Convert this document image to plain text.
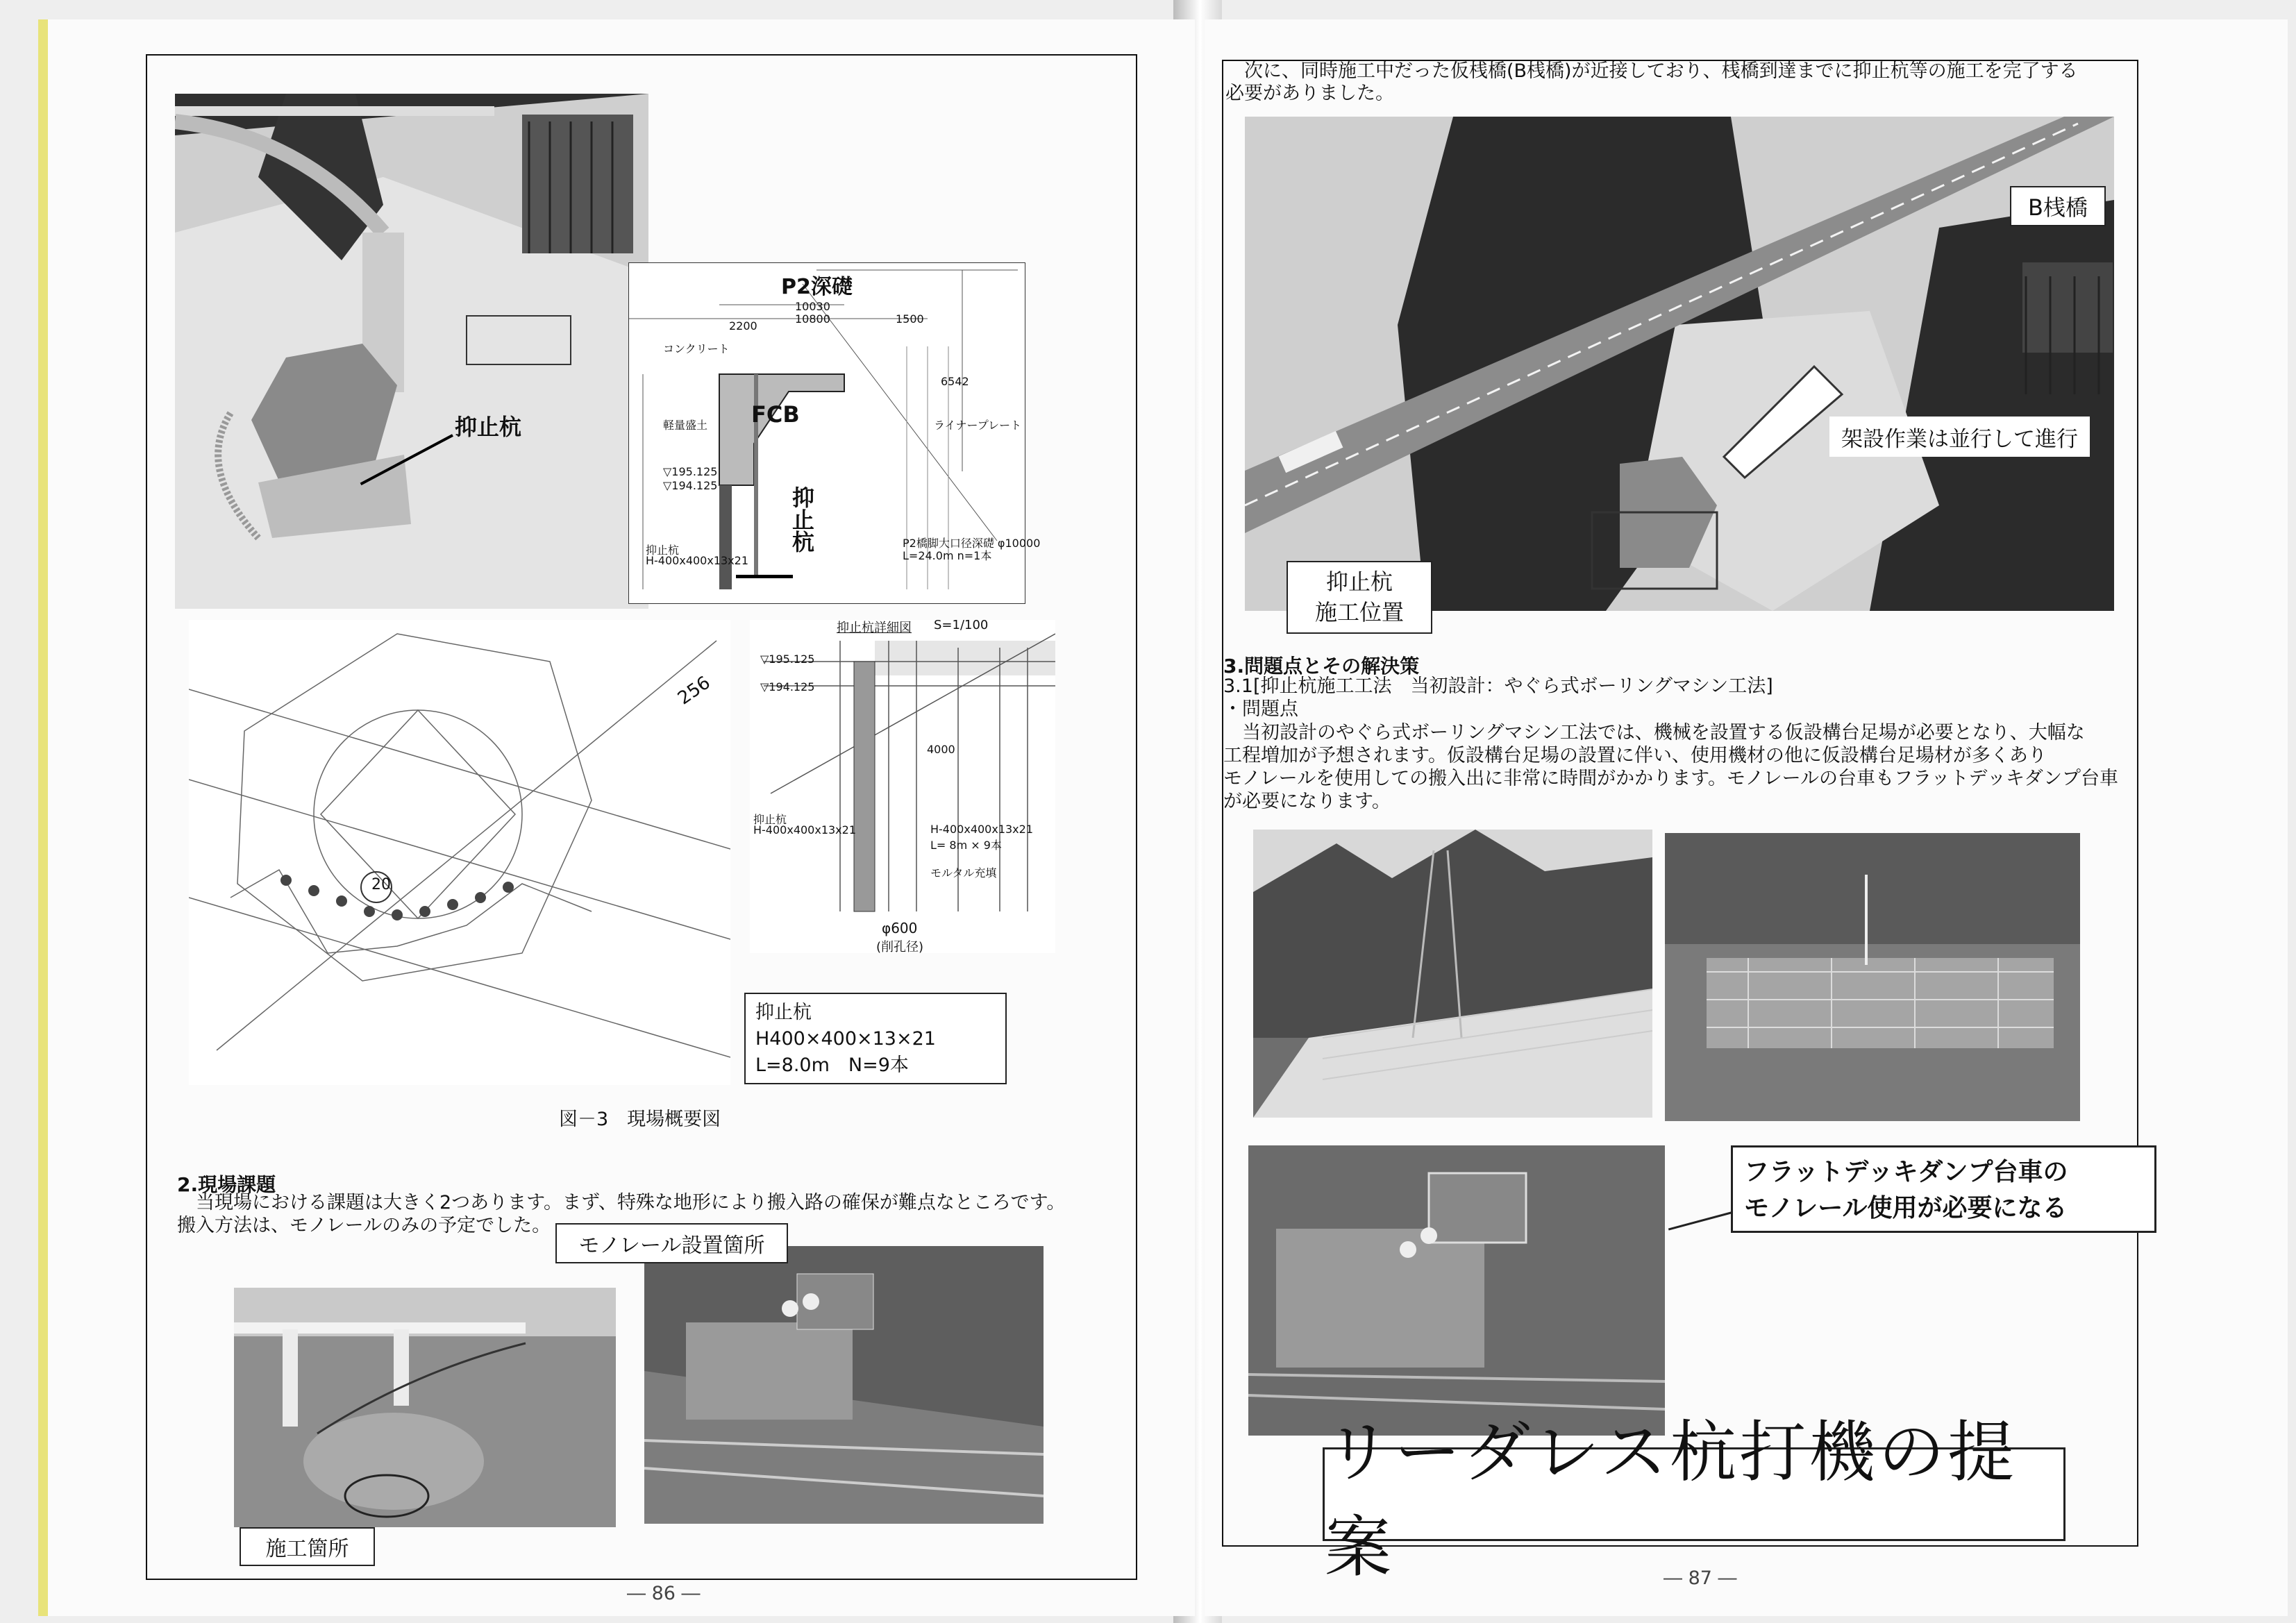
抑止杭
P2深礎
10030
10800
2200
1500
6542
コンクリート
ライナープレート
軽量盛土
▽195.125
▽194.125
抑止杭
H-400x400x13x21
P2橋脚大口径深礎 φ10000
L=24.0m n=1本
FCB
抑止杭
256
20
抑止杭詳細図 S=1/100
▽195.125
▽194.125
4000
抑止杭
H-400x400x13x21	H-400x400x13x21
L= 8m × 9本
モルタル充填
φ600
(削孔径)
抑止杭
H400×400×13×21
L=8.0m　N=9本
図－3　現場概要図
2.現場課題
　当現場における課題は大きく2つあります。まず、特殊な地形により搬入路の確保が難点なところです。
搬入方法は、モノレールのみの予定でした。
モノレール設置箇所
施工箇所
― 86 ―
　次に、同時施工中だった仮桟橋(B桟橋)が近接しており、桟橋到達までに抑止杭等の施工を完了する
必要がありました。
B桟橋
架設作業は並行して進行
抑止杭
施工位置
3.問題点とその解決策
3.1[抑止杭施工工法　当初設計：やぐら式ボーリングマシン工法]
・問題点
　当初設計のやぐら式ボーリングマシン工法では、機械を設置する仮設構台足場が必要となり、大幅な
工程増加が予想されます。仮設構台足場の設置に伴い、使用機材の他に仮設構台足場材が多くあり
モノレールを使用しての搬入出に非常に時間がかかります。モノレールの台車もフラットデッキダンプ台車
が必要になります。
フラットデッキダンプ台車の
モノレール使用が必要になる
リーダレス杭打機の提案	― 87 ―
